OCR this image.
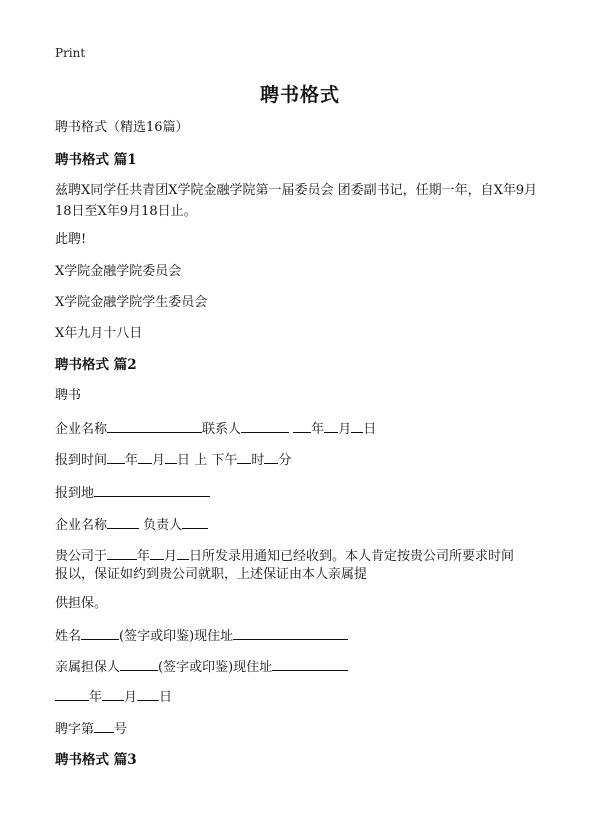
Print
聘书格式
聘书格式（精选16篇）
聘书格式 篇1
兹聘X同学任共青团X学院金融学院第一届委员会 团委副书记，任期一年，自X年9月18日至X年9月18日止。
此聘!
X学院金融学院委员会
X学院金融学院学生委员会
X年九月十八日
聘书格式 篇2
聘书
企业名称	联系人	年 月 日
报到时间 年 月 日 上 下午 时 分
报到地
企业名称	负责人
贵公司于 年 月 日所发录用通知已经收到。本人肯定按贵公司所要求时间
报以，保证如约到贵公司就职，上述保证由本人亲属提
供担保。
姓名	(签字或印鉴)现住址
亲属担保人	(签字或印鉴)现住址
年 月 日
聘字第 号
聘书格式 篇3
